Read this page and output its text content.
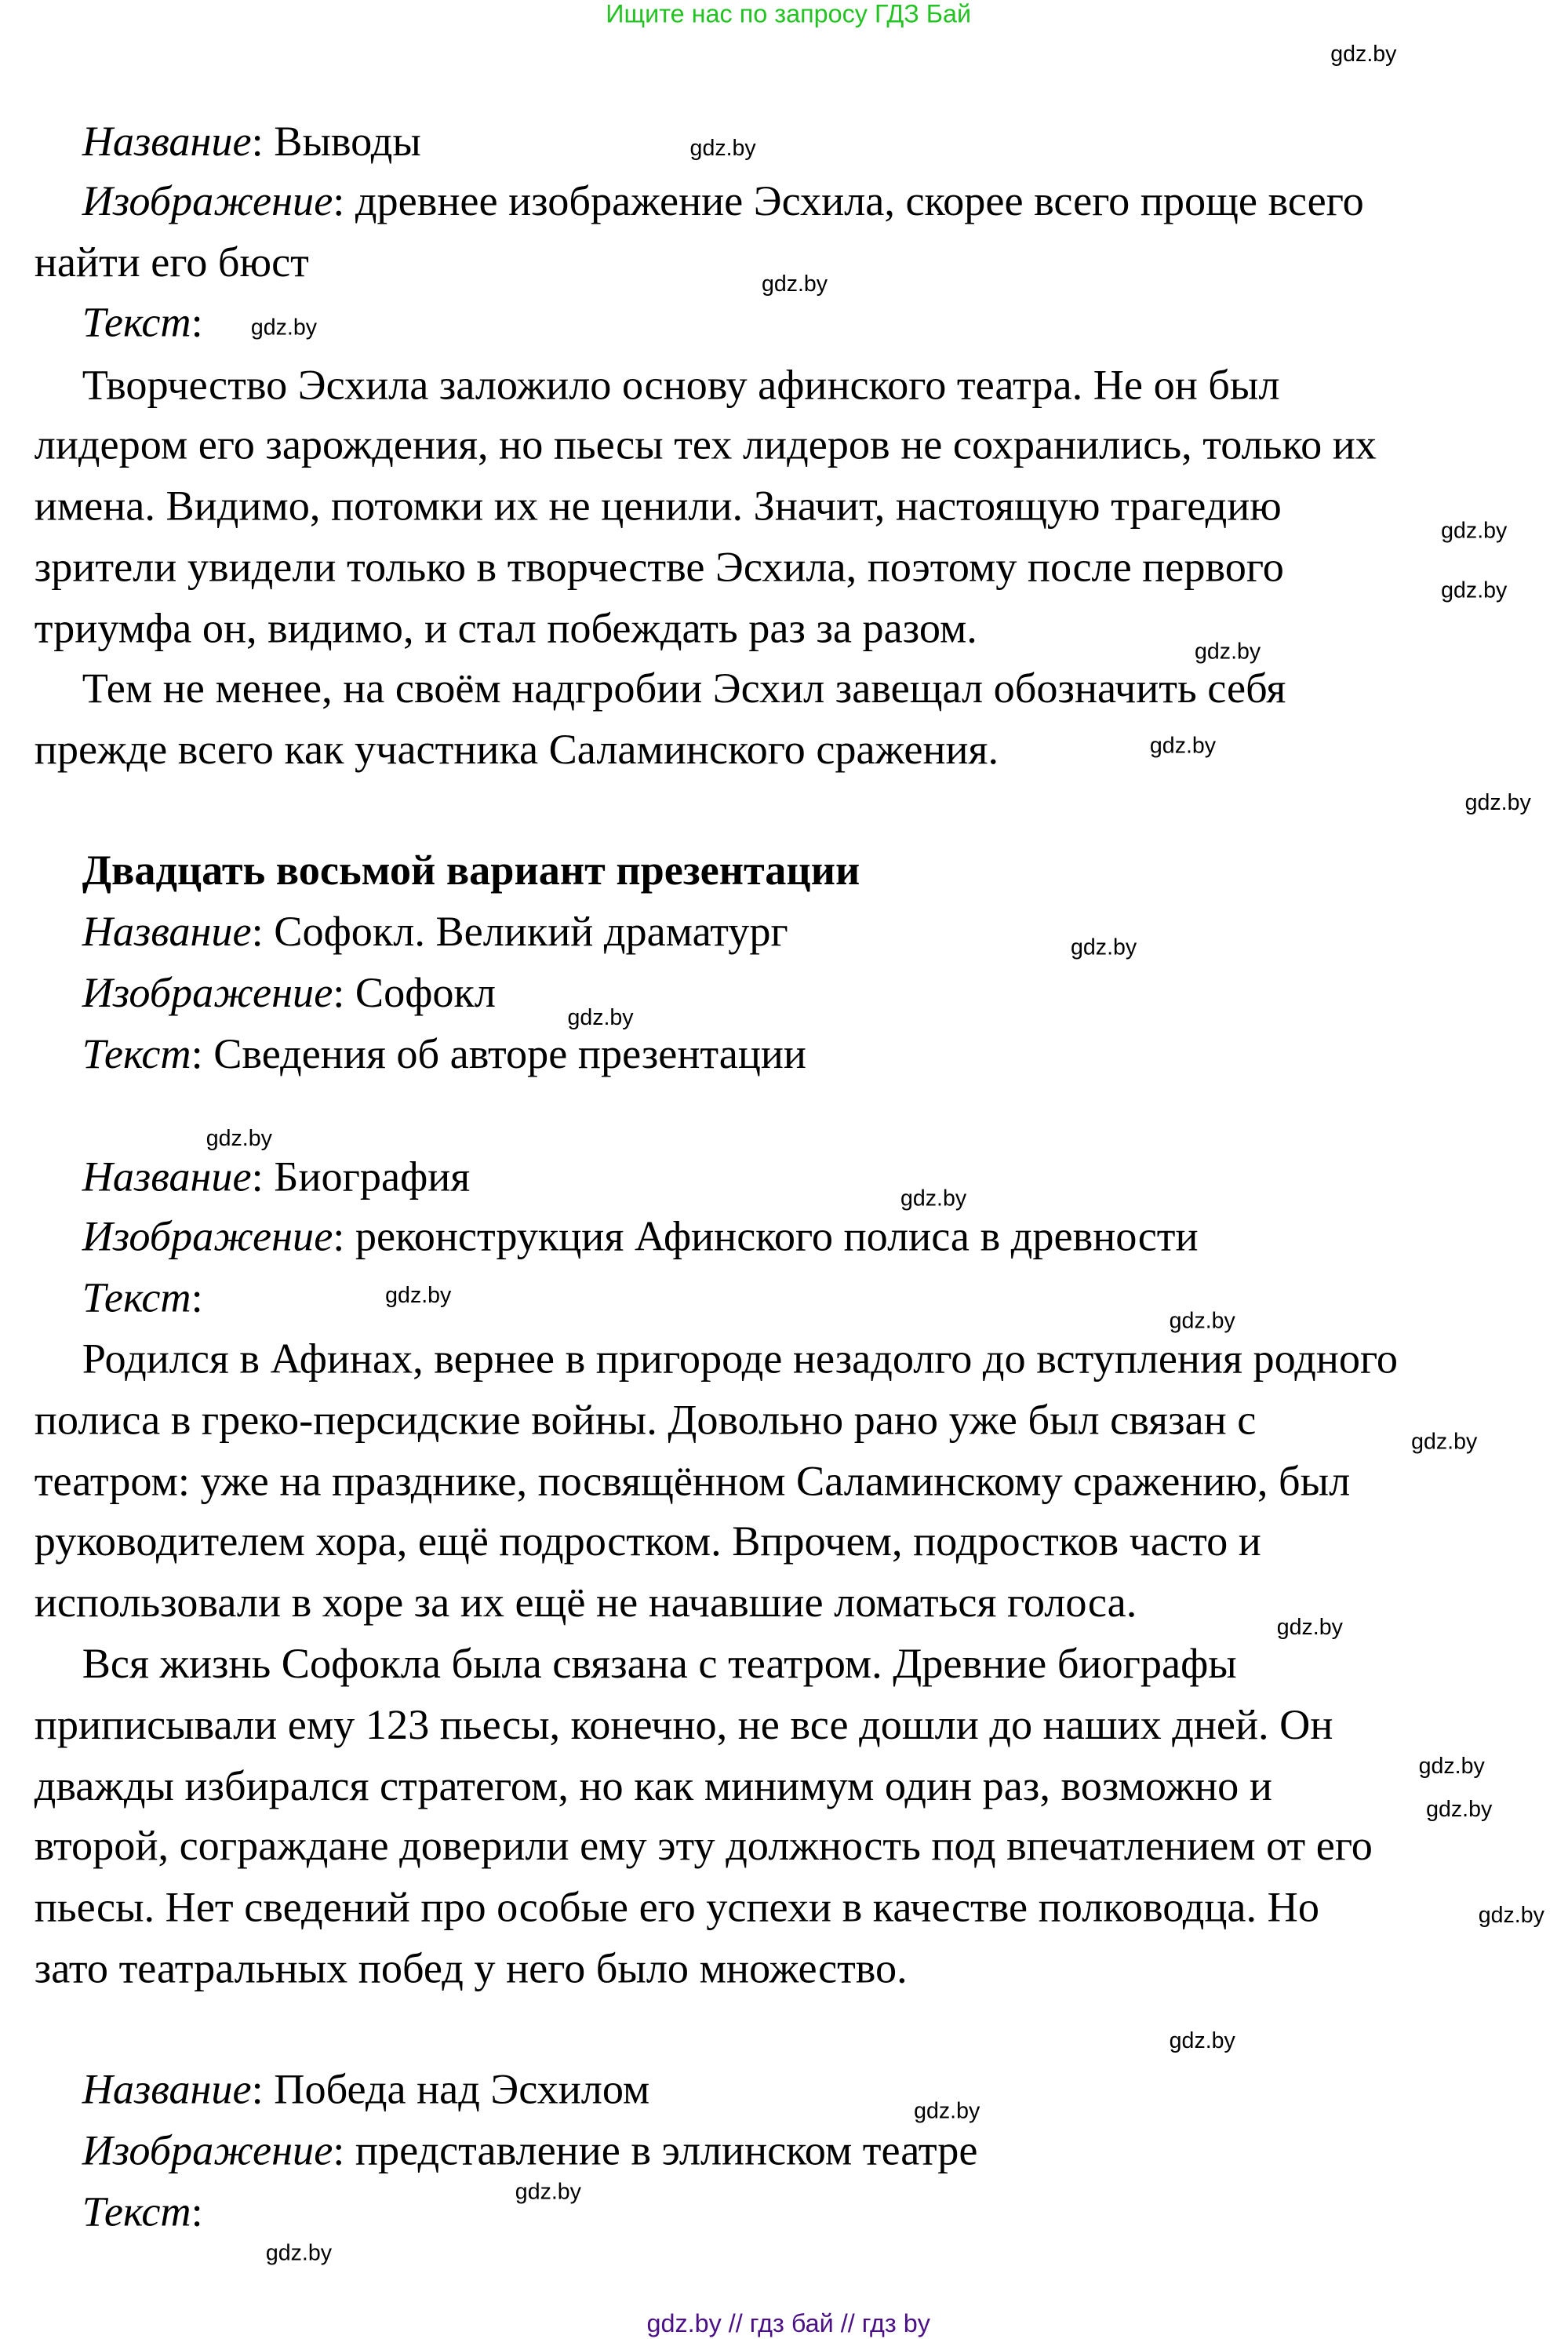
Ищите нас по запросу ГДЗ Бай
Название: Выводы
Изображение: древнее изображение Эсхила, скорее всего проще всего
найти его бюст
Текст:
Творчество Эсхила заложило основу афинского театра. Не он был
лидером его зарождения, но пьесы тех лидеров не сохранились, только их
имена. Видимо, потомки их не ценили. Значит, настоящую трагедию
зрители увидели только в творчестве Эсхила, поэтому после первого
триумфа он, видимо, и стал побеждать раз за разом.
Тем не менее, на своём надгробии Эсхил завещал обозначить себя
прежде всего как участника Саламинского сражения.
Двадцать восьмой вариант презентации
Название: Софокл. Великий драматург
Изображение: Софокл
Текст: Сведения об авторе презентации
Название: Биография
Изображение: реконструкция Афинского полиса в древности
Текст:
Родился в Афинах, вернее в пригороде незадолго до вступления родного
полиса в греко-персидские войны. Довольно рано уже был связан с
театром: уже на празднике, посвящённом Саламинскому сражению, был
руководителем хора, ещё подростком. Впрочем, подростков часто и
использовали в хоре за их ещё не начавшие ломаться голоса.
Вся жизнь Софокла была связана с театром. Древние биографы
приписывали ему 123 пьесы, конечно, не все дошли до наших дней. Он
дважды избирался стратегом, но как минимум один раз, возможно и
второй, сограждане доверили ему эту должность под впечатлением от его
пьесы. Нет сведений про особые его успехи в качестве полководца. Но
зато театральных побед у него было множество.
Название: Победа над Эсхилом
Изображение: представление в эллинском театре
Текст:
gdz.by
gdz.by
gdz.by
gdz.by
gdz.by
gdz.by
gdz.by
gdz.by
gdz.by
gdz.by
gdz.by
gdz.by
gdz.by
gdz.by
gdz.by
gdz.by
gdz.by
gdz.by
gdz.by
gdz.by
gdz.by
gdz.by
gdz.by
gdz.by
gdz.by // гдз бай // гдз by
